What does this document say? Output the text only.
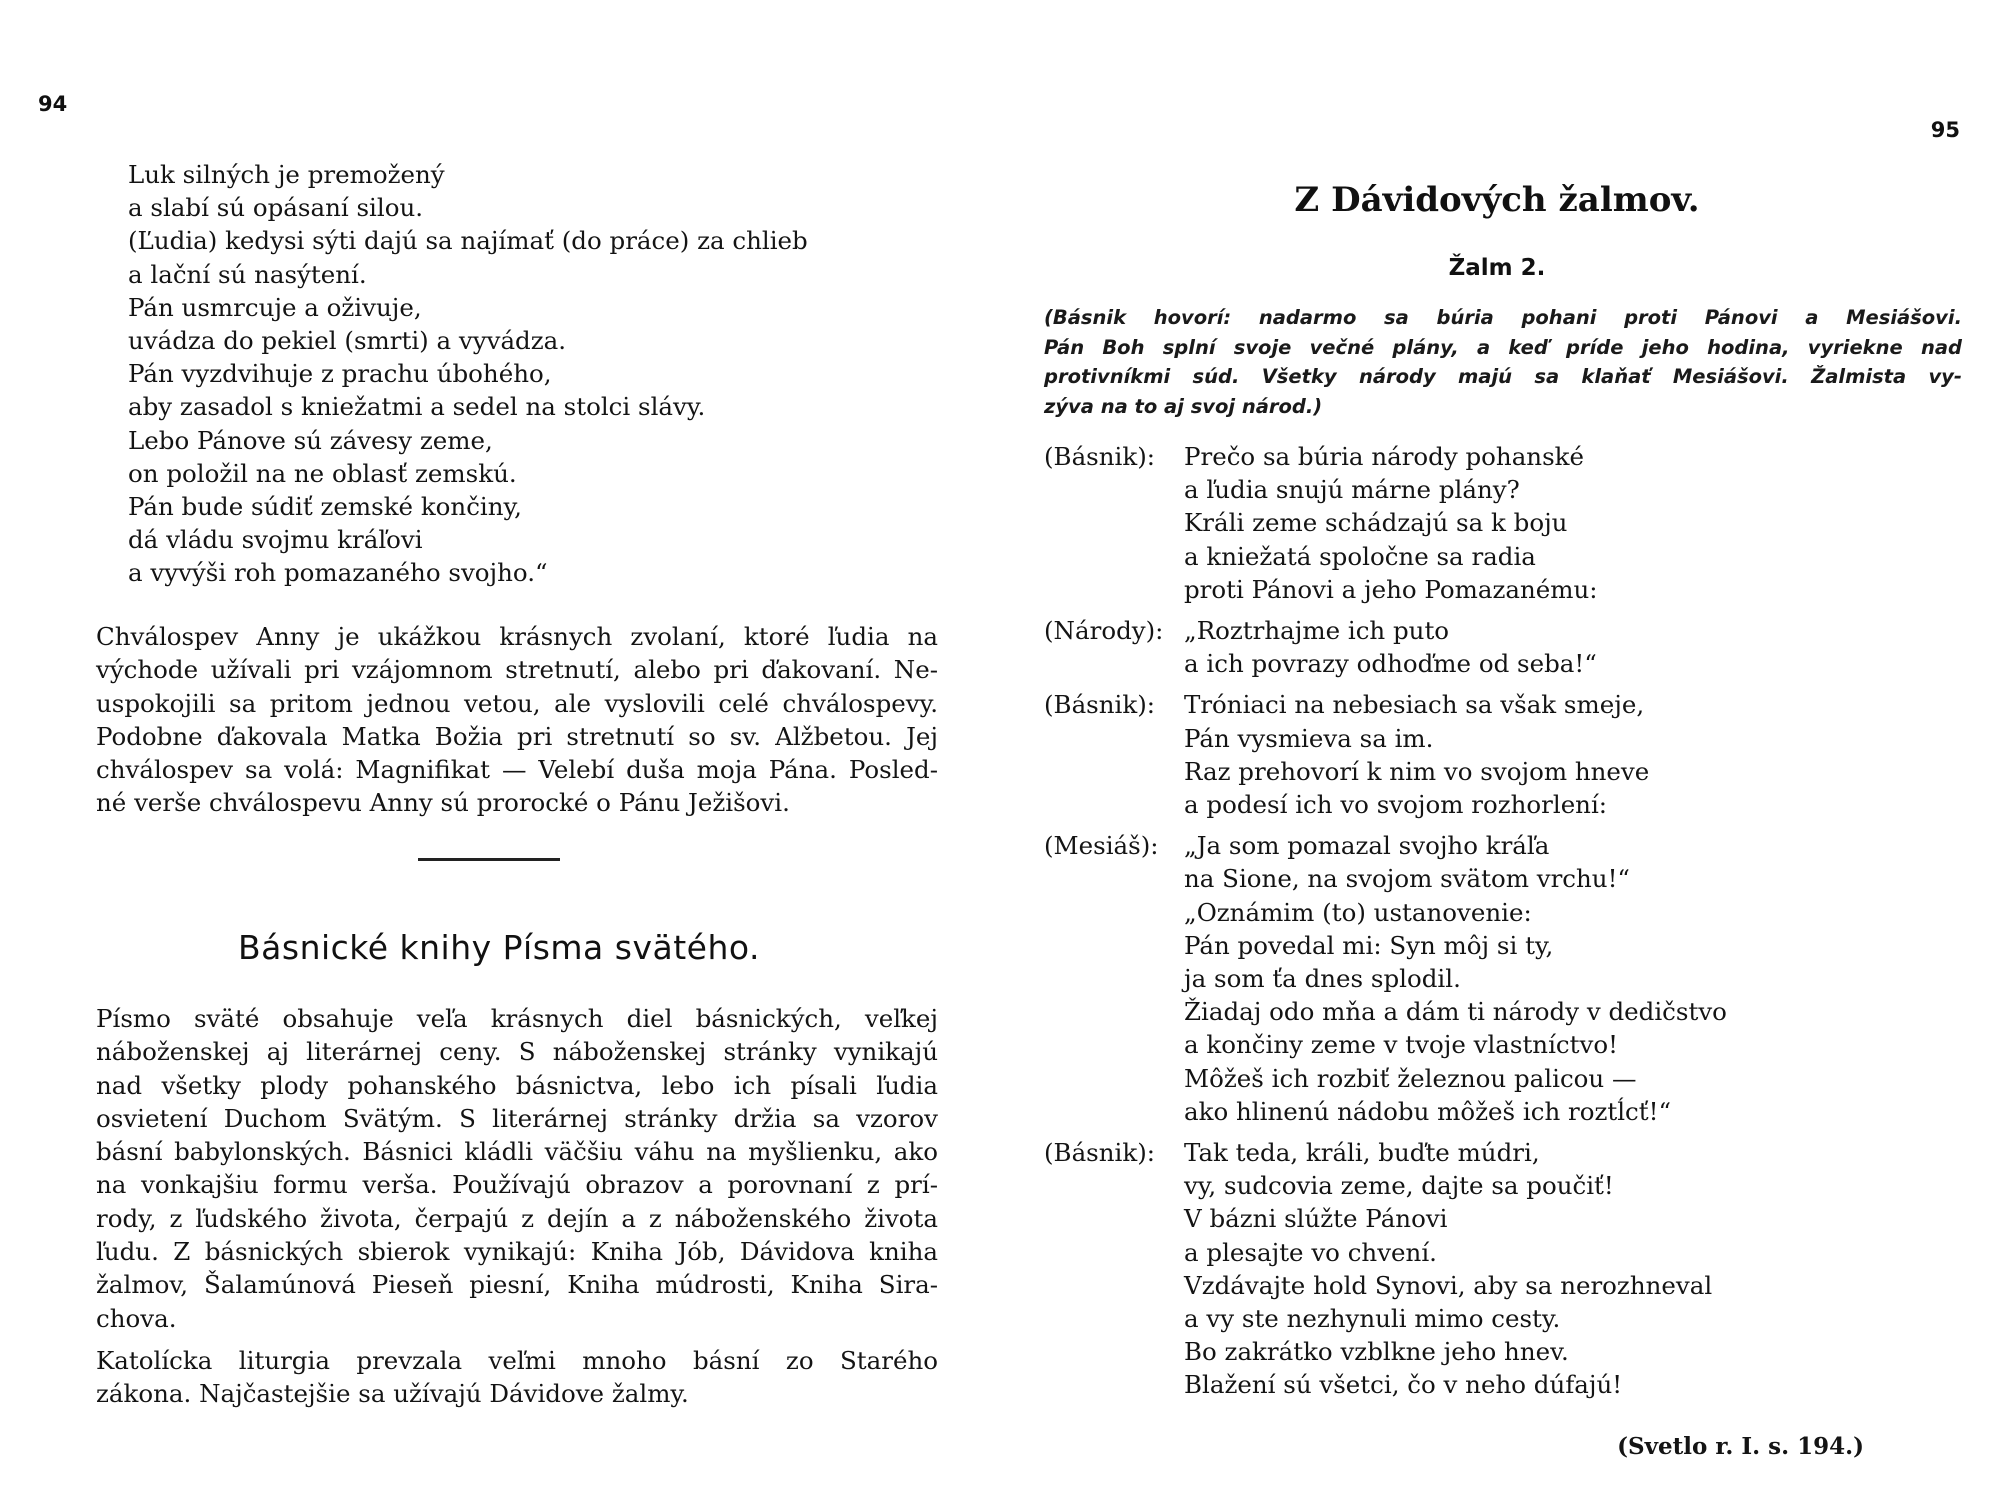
94
Luk silných je premožený
a slabí sú opásaní silou.
(Ľudia) kedysi sýti dajú sa najímať (do práce) za chlieb
a lační sú nasýtení.
Pán usmrcuje a oživuje,
uvádza do pekiel (smrti) a vyvádza.
Pán vyzdvihuje z prachu úbohého,
aby zasadol s kniežatmi a sedel na stolci slávy.
Lebo Pánove sú závesy zeme,
on položil na ne oblasť zemskú.
Pán bude súdiť zemské končiny,
dá vládu svojmu kráľovi
a vyvýši roh pomazaného svojho.“
Chválospev Anny je ukážkou krásnych zvolaní, ktoré ľudia na
východe užívali pri vzájomnom stretnutí, alebo pri ďakovaní. Ne-
uspokojili sa pritom jednou vetou, ale vyslovili celé chválospevy.
Podobne ďakovala Matka Božia pri stretnutí so sv. Alžbetou. Jej
chválospev sa volá: Magnifikat — Velebí duša moja Pána. Posled-
né verše chválospevu Anny sú prorocké o Pánu Ježišovi.
Básnické knihy Písma svätého.
Písmo sväté obsahuje veľa krásnych diel básnických, veľkej
náboženskej aj literárnej ceny. S náboženskej stránky vynikajú
nad všetky plody pohanského básnictva, lebo ich písali ľudia
osvietení Duchom Svätým. S literárnej stránky držia sa vzorov
básní babylonských. Básnici kládli väčšiu váhu na myšlienku, ako
na vonkajšiu formu verša. Používajú obrazov a porovnaní z prí-
rody, z ľudského života, čerpajú z dejín a z náboženského života
ľudu. Z básnických sbierok vynikajú: Kniha Jób, Dávidova kniha
žalmov, Šalamúnová Pieseň piesní, Kniha múdrosti, Kniha Sira-
chova.
Katolícka liturgia prevzala veľmi mnoho básní zo Starého
zákona. Najčastejšie sa užívajú Dávidove žalmy.
95
Z Dávidových žalmov.
Žalm 2.
(Básnik hovorí: nadarmo sa búria pohani proti Pánovi a Mesiášovi.
Pán Boh splní svoje večné plány, a keď príde jeho hodina, vyrieknе nad
protivníkmi súd. Všetky národy majú sa klaňať Mesiášovi. Žalmista vy-
zýva na to aj svoj národ.)
(Básnik): Prečo sa búria národy pohanské
a ľudia snujú márne plány?
Králi zeme schádzajú sa k boju
a kniežatá spoločne sa radia
proti Pánovi a jeho Pomazanému:
(Národy): „Roztrhajme ich puto
a ich povrazy odhoďme od seba!“
(Básnik): Tróniaci na nebesiach sa však smeje,
Pán vysmieva sa im.
Raz prehovorí k nim vo svojom hneve
a podesí ich vo svojom rozhorlení:
(Mesiáš): „Ja som pomazal svojho kráľa
na Sione, na svojom svätom vrchu!“
„Oznámim (to) ustanovenie:
Pán povedal mi: Syn môj si ty,
ja som ťa dnes splodil.
Žiadaj odo mňa a dám ti národy v dedičstvo
a končiny zeme v tvoje vlastníctvo!
Môžeš ich rozbiť železnou palicou —
ako hlinenú nádobu môžeš ich roztĺcť!“
(Básnik): Tak teda, králi, buďte múdri,
vy, sudcovia zeme, dajte sa poučiť!
V bázni slúžte Pánovi
a plesajte vo chvení.
Vzdávajte hold Synovi, aby sa nerozhneval
a vy ste nezhynuli mimo cesty.
Bo zakrátko vzblkne jeho hnev.
Blažení sú všetci, čo v neho dúfajú!
(Svetlo r. I. s. 194.)
